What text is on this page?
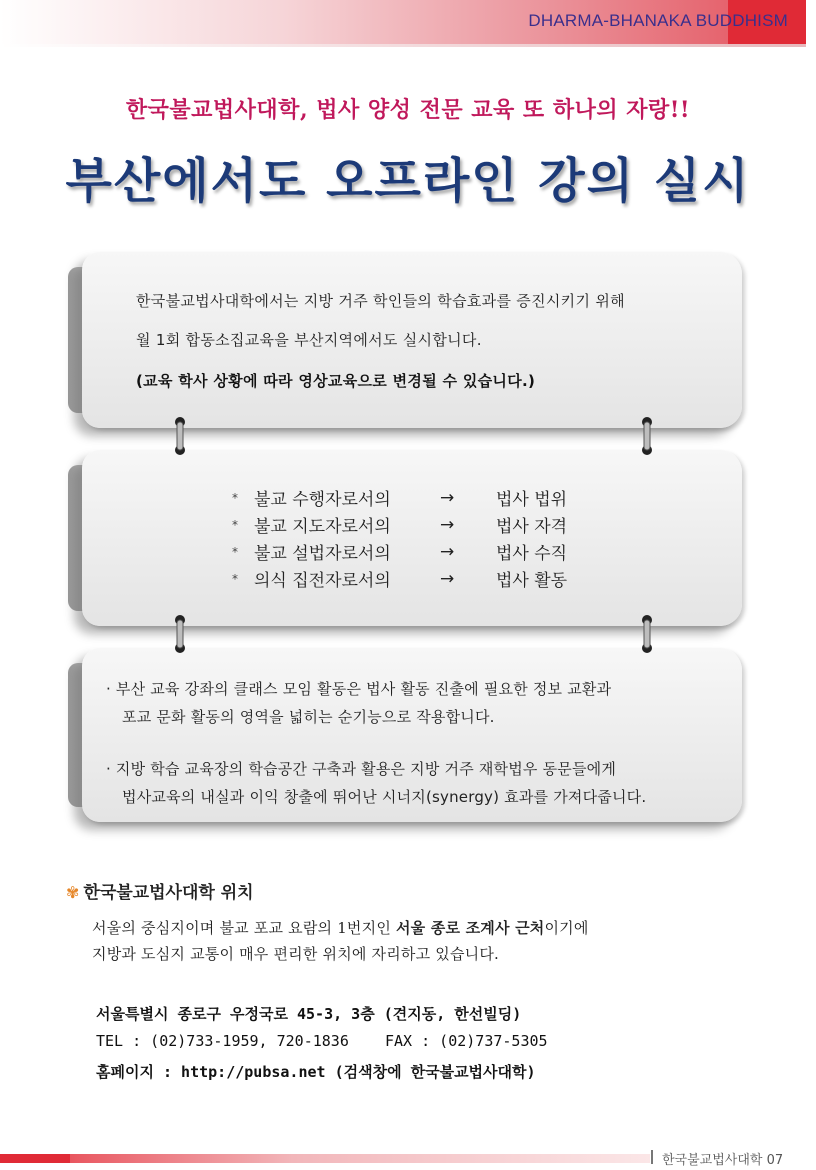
DHARMA-BHANAKA BUDDHISM
한국불교법사대학, 법사 양성 전문 교육 또 하나의 자랑!!
부산에서도 오프라인 강의 실시
한국불교법사대학에서는 지방 거주 학인들의 학습효과를 증진시키기 위해
월 1회 합동소집교육을 부산지역에서도 실시합니다.
(교육 학사 상황에 따라 영상교육으로 변경될 수 있습니다.)
* 불교 수행자로서의	→	법사 법위
* 불교 지도자로서의	→	법사 자격
* 불교 설법자로서의	→	법사 수직
* 의식 집전자로서의	→	법사 활동
· 부산 교육 강좌의 클래스 모임 활동은 법사 활동 진출에 필요한 정보 교환과
포교 문화 활동의 영역을 넓히는 순기능으로 작용합니다.
· 지방 학습 교육장의 학습공간 구축과 활용은 지방 거주 재학법우 동문들에게
법사교육의 내실과 이익 창출에 뛰어난 시너지(synergy) 효과를 가져다줍니다.
✾ 한국불교법사대학 위치
서울의 중심지이며 불교 포교 요람의 1번지인 서울 종로 조계사 근처이기에
지방과 도심지 교통이 매우 편리한 위치에 자리하고 있습니다.
서울특별시 종로구 우정국로 45-3, 3층 (견지동, 한선빌딩)
TEL : (02)733-1959, 720-1836    FAX : (02)737-5305
홈페이지 : http://pubsa.net (검색창에 한국불교법사대학)
한국불교법사대학 07
